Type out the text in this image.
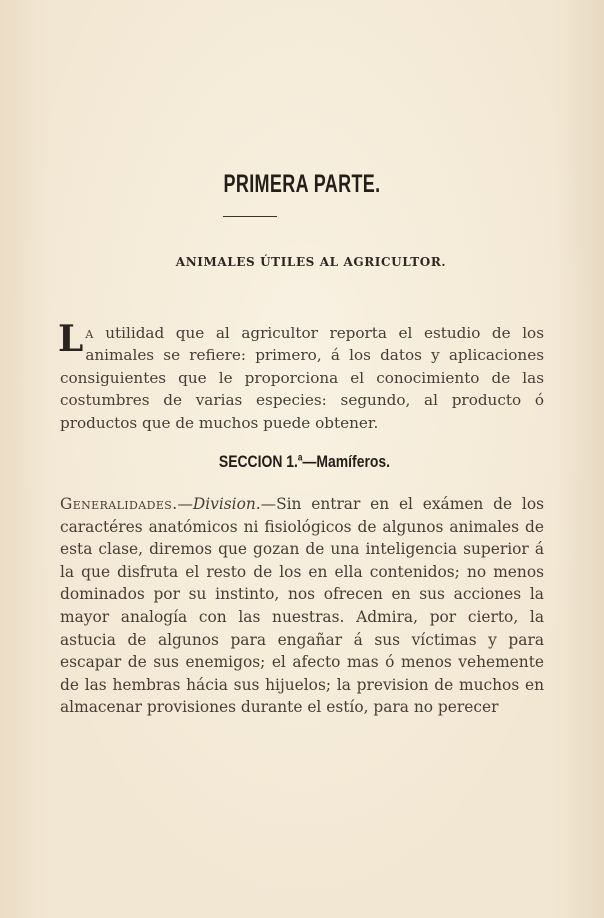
PRIMERA PARTE.
ANIMALES ÚTILES AL AGRICULTOR.
La utilidad que al agricultor reporta el estudio de los animales se refiere: primero, á los datos y aplicaciones consiguientes que le proporciona el conocimiento de las costumbres de varias especies: segundo, al producto ó productos que de muchos puede obtener.
SECCION 1.$^a$—Mamíferos.
Generalidades.—Division.—Sin entrar en el exámen de los caractéres anatómicos ni fisiológicos de algunos animales de esta clase, diremos que gozan de una inteligencia superior á la que disfruta el resto de los en ella contenidos; no menos dominados por su instinto, nos ofrecen en sus acciones la mayor analogía con las nuestras. Admira, por cierto, la astucia de algunos para engañar á sus víctimas y para escapar de sus enemigos; el afecto mas ó menos vehemente de las hembras hácia sus hijuelos; la prevision de muchos en almacenar provisiones durante el estío, para no perecer
